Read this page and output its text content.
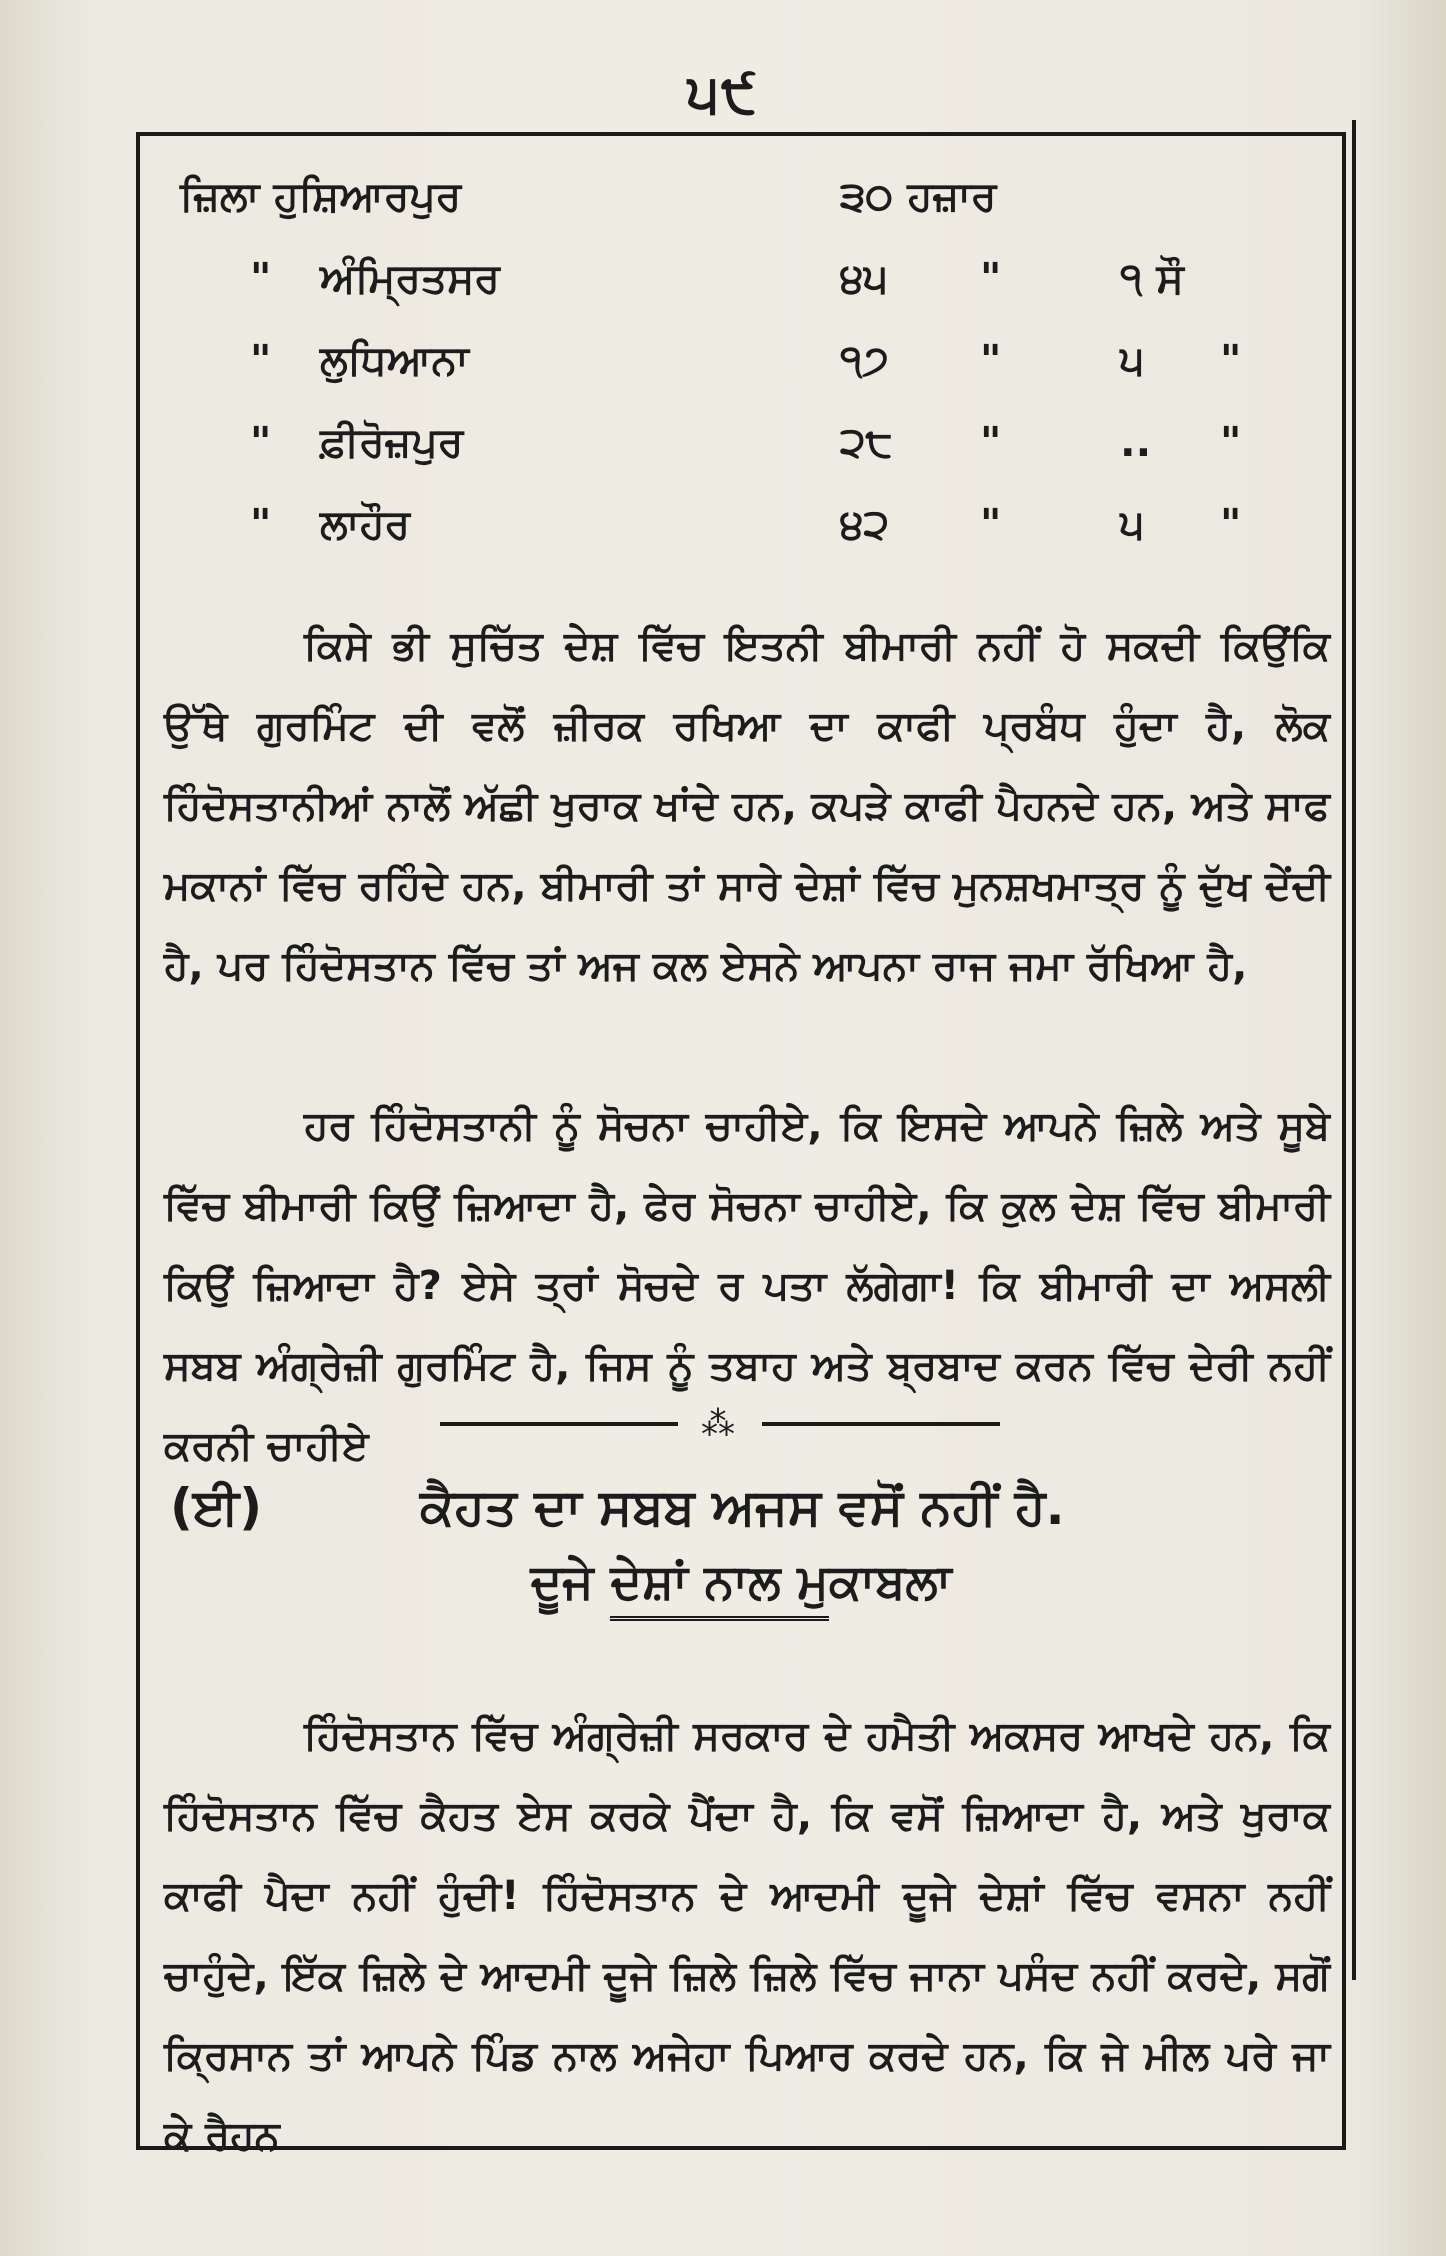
੫੯
ਜ਼ਿਲਾ ਹੁਸ਼ਿਆਰਪੁਰ	੩੦ ਹਜ਼ਾਰ
" ਅੰਮ੍ਰਿਤਸਰ	੪੫ "	੧ ਸੌ
" ਲੁਧਿਆਨਾ	੧੭ "	੫ "
" ਫ਼ੀਰੋਜ਼ਪੁਰ	੨੮ "	.. "
" ਲਾਹੌਰ	੪੨ "	੫ "

ਕਿਸੇ ਭੀ ਸੁਚਿੱਤ ਦੇਸ਼ ਵਿੱਚ ਇਤਨੀ ਬੀਮਾਰੀ ਨਹੀਂ ਹੋ ਸਕਦੀ ਕਿਉਂਕਿ ਉੱਥੇ ਗੁਰਮਿੰਟ ਦੀ ਵਲੋਂ ਜ਼ੀਰਕ ਰਖਿਆ ਦਾ ਕਾਫੀ ਪ੍ਰਬੰਧ ਹੁੰਦਾ ਹੈ, ਲੋਕ ਹਿੰਦੋਸਤਾਨੀਆਂ ਨਾਲੋਂ ਅੱਛੀ ਖੁਰਾਕ ਖਾਂਦੇ ਹਨ, ਕਪੜੇ ਕਾਫੀ ਪੈਹਨਦੇ ਹਨ, ਅਤੇ ਸਾਫ ਮਕਾਨਾਂ ਵਿੱਚ ਰਹਿੰਦੇ ਹਨ, ਬੀਮਾਰੀ ਤਾਂ ਸਾਰੇ ਦੇਸ਼ਾਂ ਵਿੱਚ ਮੁਨਸ਼ਖਮਾਤ੍ਰ ਨੂੰ ਦੁੱਖ ਦੇਂਦੀ ਹੈ, ਪਰ ਹਿੰਦੋਸਤਾਨ ਵਿੱਚ ਤਾਂ ਅਜ ਕਲ ਏਸਨੇ ਆਪਨਾ ਰਾਜ ਜਮਾ ਰੱਖਿਆ ਹੈ,

ਹਰ ਹਿੰਦੋਸਤਾਨੀ ਨੂੰ ਸੋਚਨਾ ਚਾਹੀਏ, ਕਿ ਇਸਦੇ ਆਪਨੇ ਜ਼ਿਲੇ ਅਤੇ ਸੂਬੇ ਵਿੱਚ ਬੀਮਾਰੀ ਕਿਉਂ ਜ਼ਿਆਦਾ ਹੈ, ਫੇਰ ਸੋਚਨਾ ਚਾਹੀਏ, ਕਿ ਕੁਲ ਦੇਸ਼ ਵਿੱਚ ਬੀਮਾਰੀ ਕਿਉਂ ਜ਼ਿਆਦਾ ਹੈ? ਏਸੇ ਤ੍ਰਾਂ ਸੋਚਦੇ ਰ ਪਤਾ ਲੱਗੇਗਾ! ਕਿ ਬੀਮਾਰੀ ਦਾ ਅਸਲੀ ਸਬਬ ਅੰਗ੍ਰੇਜ਼ੀ ਗੁਰਮਿੰਟ ਹੈ, ਜਿਸ ਨੂੰ ਤਬਾਹ ਅਤੇ ਬ੍ਰਬਾਦ ਕਰਨ ਵਿੱਚ ਦੇਰੀ ਨਹੀਂ ਕਰਨੀ ਚਾਹੀਏ	⁂
(ਈ)	ਕੈਹਤ ਦਾ ਸਬਬ ਅਜਸ ਵਸੋਂ ਨਹੀਂ ਹੈ.
ਦੂਜੇ ਦੇਸ਼ਾਂ ਨਾਲ ਮੁਕਾਬਲਾ

ਹਿੰਦੋਸਤਾਨ ਵਿੱਚ ਅੰਗ੍ਰੇਜ਼ੀ ਸਰਕਾਰ ਦੇ ਹਮੈਤੀ ਅਕਸਰ ਆਖਦੇ ਹਨ, ਕਿ ਹਿੰਦੋਸਤਾਨ ਵਿੱਚ ਕੈਹਤ ਏਸ ਕਰਕੇ ਪੈਂਦਾ ਹੈ, ਕਿ ਵਸੋਂ ਜ਼ਿਆਦਾ ਹੈ, ਅਤੇ ਖੁਰਾਕ ਕਾਫੀ ਪੈਦਾ ਨਹੀਂ ਹੁੰਦੀ! ਹਿੰਦੋਸਤਾਨ ਦੇ ਆਦਮੀ ਦੂਜੇ ਦੇਸ਼ਾਂ ਵਿੱਚ ਵਸਨਾ ਨਹੀਂ ਚਾਹੁੰਦੇ, ਇੱਕ ਜ਼ਿਲੇ ਦੇ ਆਦਮੀ ਦੂਜੇ ਜ਼ਿਲੇ ਜ਼ਿਲੇ ਵਿੱਚ ਜਾਨਾ ਪਸੰਦ ਨਹੀਂ ਕਰਦੇ, ਸਗੋਂ ਕ੍ਰਿਸਾਨ ਤਾਂ ਆਪਨੇ ਪਿੰਡ ਨਾਲ ਅਜੇਹਾ ਪਿਆਰ ਕਰਦੇ ਹਨ, ਕਿ ਜੇ ਮੀਲ ਪਰੇ ਜਾ ਕੇ ਰੈਹਨ
